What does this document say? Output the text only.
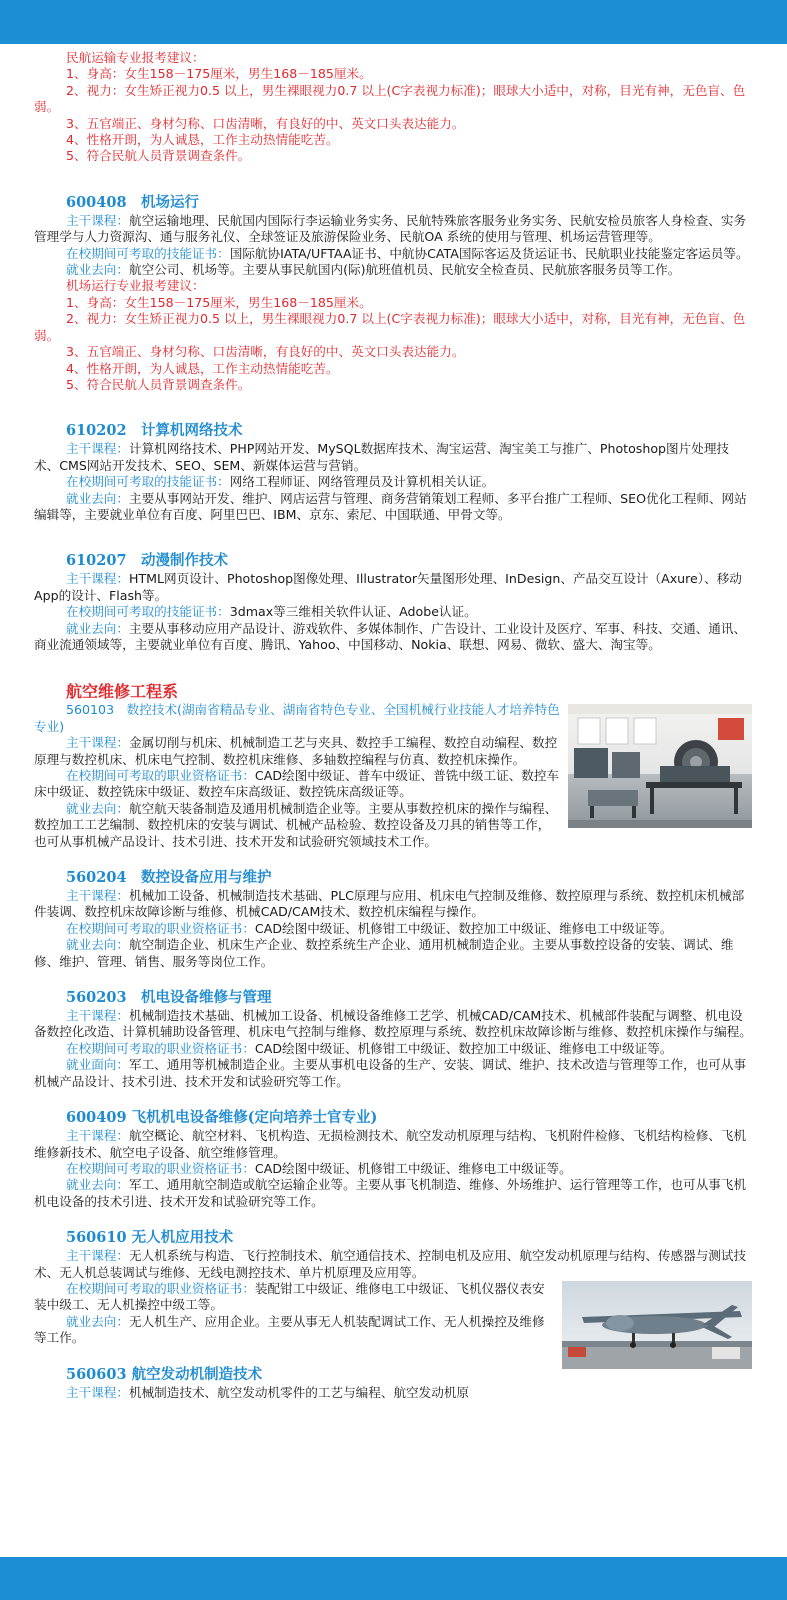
民航运输专业报考建议：

1、身高：女生158－175厘米，男生168－185厘米。

2、视力：女生矫正视力0.5 以上，男生裸眼视力0.7 以上(C字表视力标准)；眼球大小适中，对称，目光有神，无色盲、色弱。

3、五官端正、身材匀称、口齿清晰，有良好的中、英文口头表达能力。

4、性格开朗，为人诚恳，工作主动热情能吃苦。

5、符合民航人员背景调查条件。

600408　机场运行

主干课程：航空运输地理、民航国内国际行李运输业务实务、民航特殊旅客服务业务实务、民航安检员旅客人身检查、实务管理学与人力资源沟、通与服务礼仪、全球签证及旅游保险业务、民航OA 系统的使用与管理、机场运营管理等。

在校期间可考取的技能证书：国际航协IATA/UFTAA证书、中航协CATA国际客运及货运证书、民航职业技能鉴定客运员等。

就业去向：航空公司、机场等。主要从事民航国内(际)航班值机员、民航安全检查员、民航旅客服务员等工作。

机场运行专业报考建议：

1、身高：女生158－175厘米，男生168－185厘米。

2、视力：女生矫正视力0.5 以上，男生裸眼视力0.7 以上(C字表视力标准)；眼球大小适中，对称，目光有神，无色盲、色弱。

3、五官端正、身材匀称、口齿清晰，有良好的中、英文口头表达能力。

4、性格开朗，为人诚恳，工作主动热情能吃苦。

5、符合民航人员背景调查条件。

610202　计算机网络技术

主干课程：计算机网络技术、PHP网站开发、MySQL数据库技术、淘宝运营、淘宝美工与推广、Photoshop图片处理技术、CMS网站开发技术、SEO、SEM、新媒体运营与营销。

在校期间可考取的技能证书：网络工程师证、网络管理员及计算机相关认证。

就业去向：主要从事网站开发、维护、网店运营与管理、商务营销策划工程师、多平台推广工程师、SEO优化工程师、网站编辑等，主要就业单位有百度、阿里巴巴、IBM、京东、索尼、中国联通、甲骨文等。

610207　动漫制作技术

主干课程：HTML网页设计、Photoshop图像处理、Illustrator矢量图形处理、InDesign、产品交互设计（Axure）、移动App的设计、Flash等。

在校期间可考取的技能证书：3dmax等三维相关软件认证、Adobe认证。

就业去向：主要从事移动应用产品设计、游戏软件、多媒体制作、广告设计、工业设计及医疗、军事、科技、交通、通讯、商业流通领域等，主要就业单位有百度、腾讯、Yahoo、中国移动、Nokia、联想、网易、微软、盛大、淘宝等。

航空维修工程系

560103　数控技术(湖南省精品专业、湖南省特色专业、全国机械行业技能人才培养特色专业)

主干课程：金属切削与机床、机械制造工艺与夹具、数控手工编程、数控自动编程、数控原理与数控机床、机床电气控制、数控机床维修、多轴数控编程与仿真、数控机床操作。

在校期间可考取的职业资格证书：CAD绘图中级证、普车中级证、普铣中级工证、数控车床中级证、数控铣床中级证、数控车床高级证、数控铣床高级证等。

就业去向：航空航天装备制造及通用机械制造企业等。主要从事数控机床的操作与编程、数控加工工艺编制、数控机床的安装与调试、机械产品检验、数控设备及刀具的销售等工作，也可从事机械产品设计、技术引进、技术开发和试验研究领域技术工作。

560204　数控设备应用与维护

主干课程：机械加工设备、机械制造技术基础、PLC原理与应用、机床电气控制及维修、数控原理与系统、数控机床机械部件装调、数控机床故障诊断与维修、机械CAD/CAM技术、数控机床编程与操作。

在校期间可考取的职业资格证书：CAD绘图中级证、机修钳工中级证、数控加工中级证、维修电工中级证等。

就业去向：航空制造企业、机床生产企业、数控系统生产企业、通用机械制造企业。主要从事数控设备的安装、调试、维修、维护、管理、销售、服务等岗位工作。

560203　机电设备维修与管理

主干课程：机械制造技术基础、机械加工设备、机械设备维修工艺学、机械CAD/CAM技术、机械部件装配与调整、机电设备数控化改造、计算机辅助设备管理、机床电气控制与维修、数控原理与系统、数控机床故障诊断与维修、数控机床操作与编程。

在校期间可考取的职业资格证书：CAD绘图中级证、机修钳工中级证、数控加工中级证、维修电工中级证等。

就业面向：军工、通用等机械制造企业。主要从事机电设备的生产、安装、调试、维护、技术改造与管理等工作，也可从事机械产品设计、技术引进、技术开发和试验研究等工作。

600409 飞机机电设备维修(定向培养士官专业)

主干课程：航空概论、航空材料、飞机构造、无损检测技术、航空发动机原理与结构、飞机附件检修、飞机结构检修、飞机维修新技术、航空电子设备、航空维修管理。

在校期间可考取的职业资格证书：CAD绘图中级证、机修钳工中级证、维修电工中级证等。

就业去向：军工、通用航空制造或航空运输企业等。主要从事飞机制造、维修、外场维护、运行管理等工作，也可从事飞机机电设备的技术引进、技术开发和试验研究等工作。

560610 无人机应用技术

主干课程：无人机系统与构造、飞行控制技术、航空通信技术、控制电机及应用、航空发动机原理与结构、传感器与测试技术、无人机总装调试与维修、无线电测控技术、单片机原理及应用等。

在校期间可考取的职业资格证书：装配钳工中级证、维修电工中级证、飞机仪器仪表安装中级工、无人机操控中级工等。

就业去向：无人机生产、应用企业。主要从事无人机装配调试工作、无人机操控及维修等工作。

560603 航空发动机制造技术

主干课程：机械制造技术、航空发动机零件的工艺与编程、航空发动机原
